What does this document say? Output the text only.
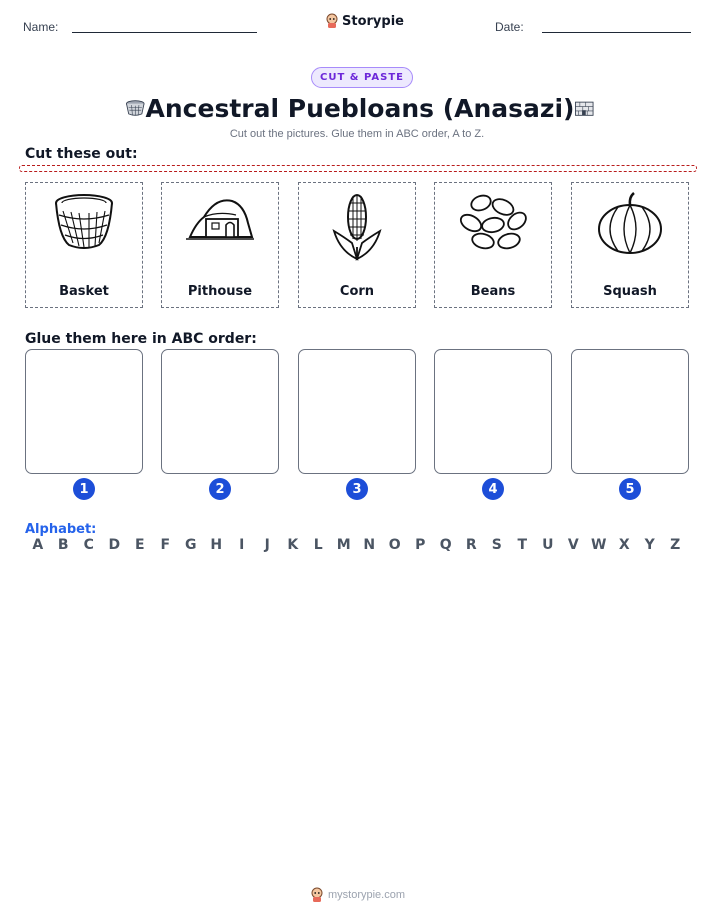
Name:	Storypie	Date:
CUT & PASTE
Ancestral Puebloans (Anasazi)
Cut out the pictures. Glue them in ABC order, A to Z.
Cut these out:
Basket	Pithouse	Corn	Beans	Squash
Glue them here in ABC order:
1	2	3	4	5
Alphabet:
A	B	C	D	E	F	G H	I	J	K	L	M N O	P	Q	R	S	T	U	V W X	Y	Z
mystorypie.com
